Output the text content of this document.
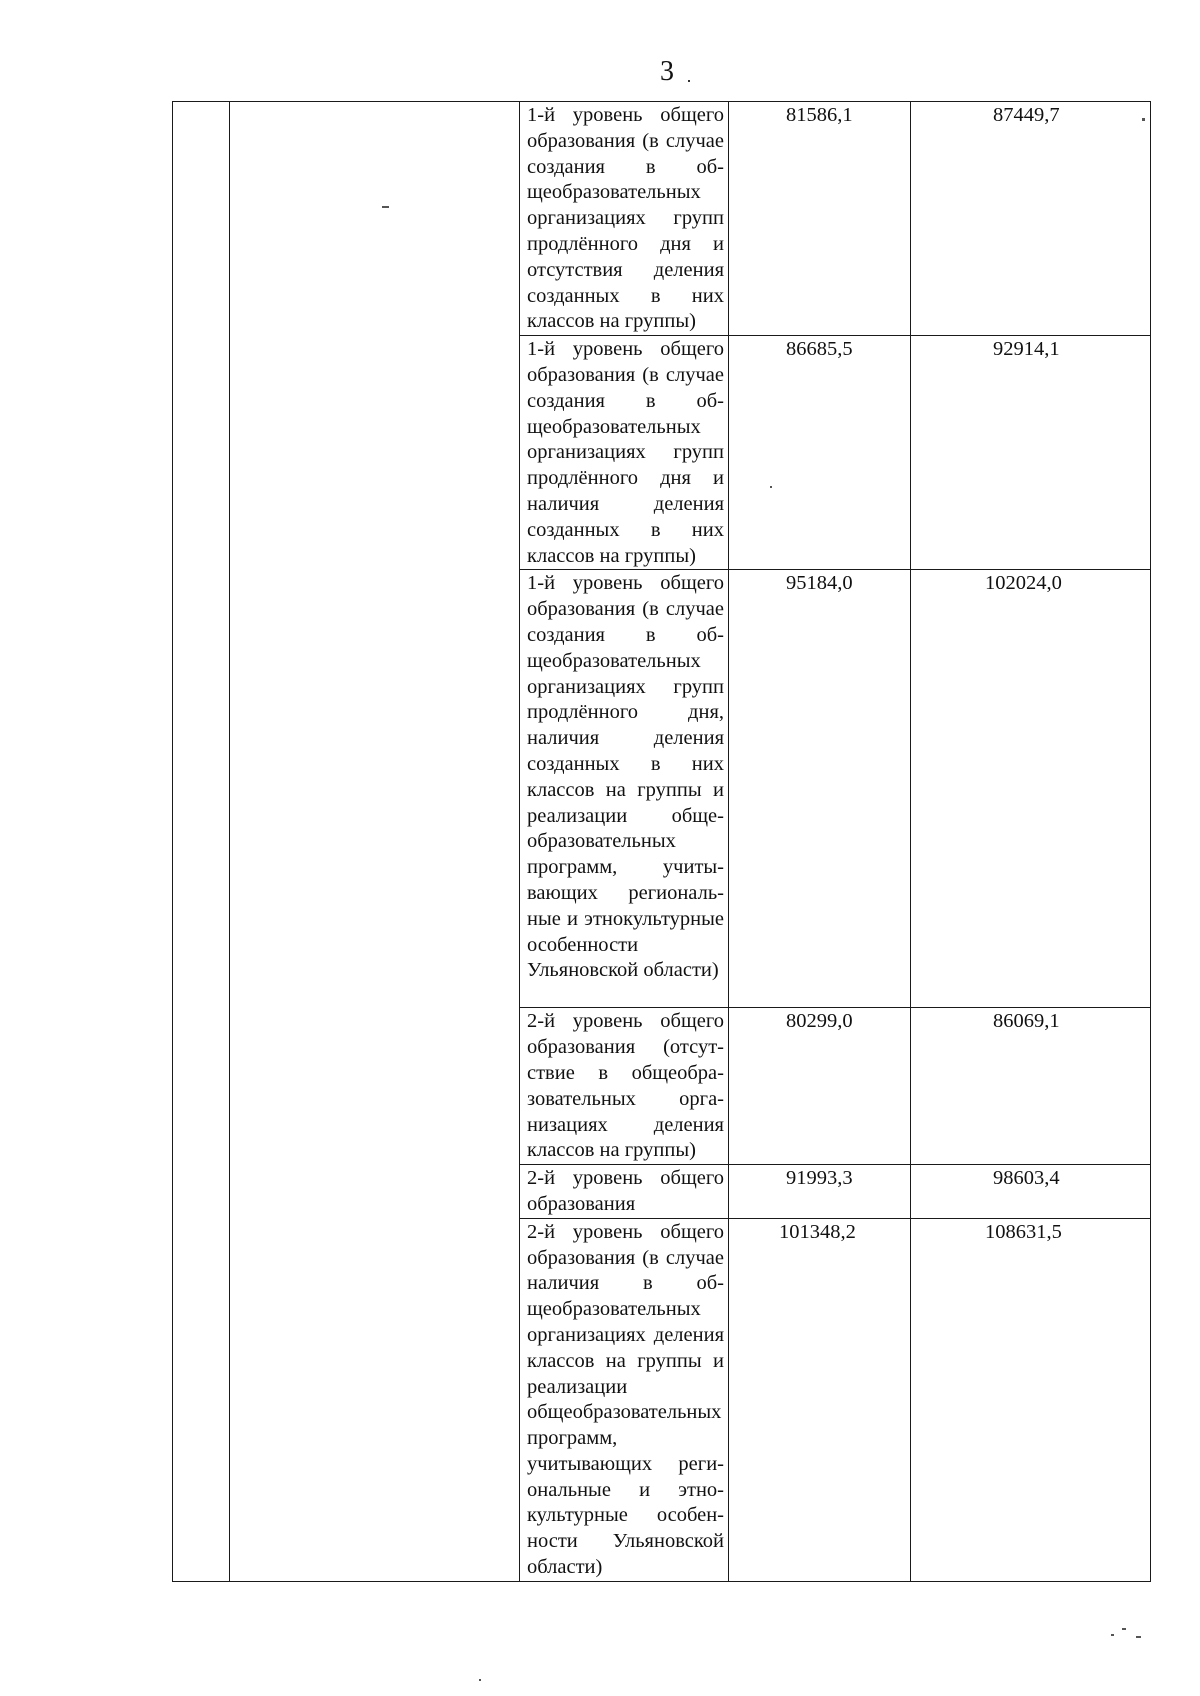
3
		1-й уровень общего образования (в случае создания в общеобразовательных организациях групп продлённого дня и отсутствия деления созданных в них классов на группы)	81586,1	87449,7
		1-й уровень общего образования (в случае создания в общеобразовательных организациях групп продлённого дня и наличия деления созданных в них классов на группы)	86685,5	92914,1
		1-й уровень общего образования (в случае создания в общеобразовательных организациях групп продлённого дня, наличия деления созданных в них классов на группы и реализации общеобразовательных программ, учитывающих региональные и этнокультурные особенности Ульяновской области)	95184,0	102024,0
		2-й уровень общего образования (отсутствие в общеобразовательных организациях деления классов на группы)	80299,0	86069,1
		2-й уровень общего образования	91993,3	98603,4
		2-й уровень общего образования (в случае наличия в общеобразовательных организациях деления классов на группы и реализации общеобразовательных программ, учитывающих региональные и этнокультурные особенности Ульяновской области)	101348,2	108631,5
